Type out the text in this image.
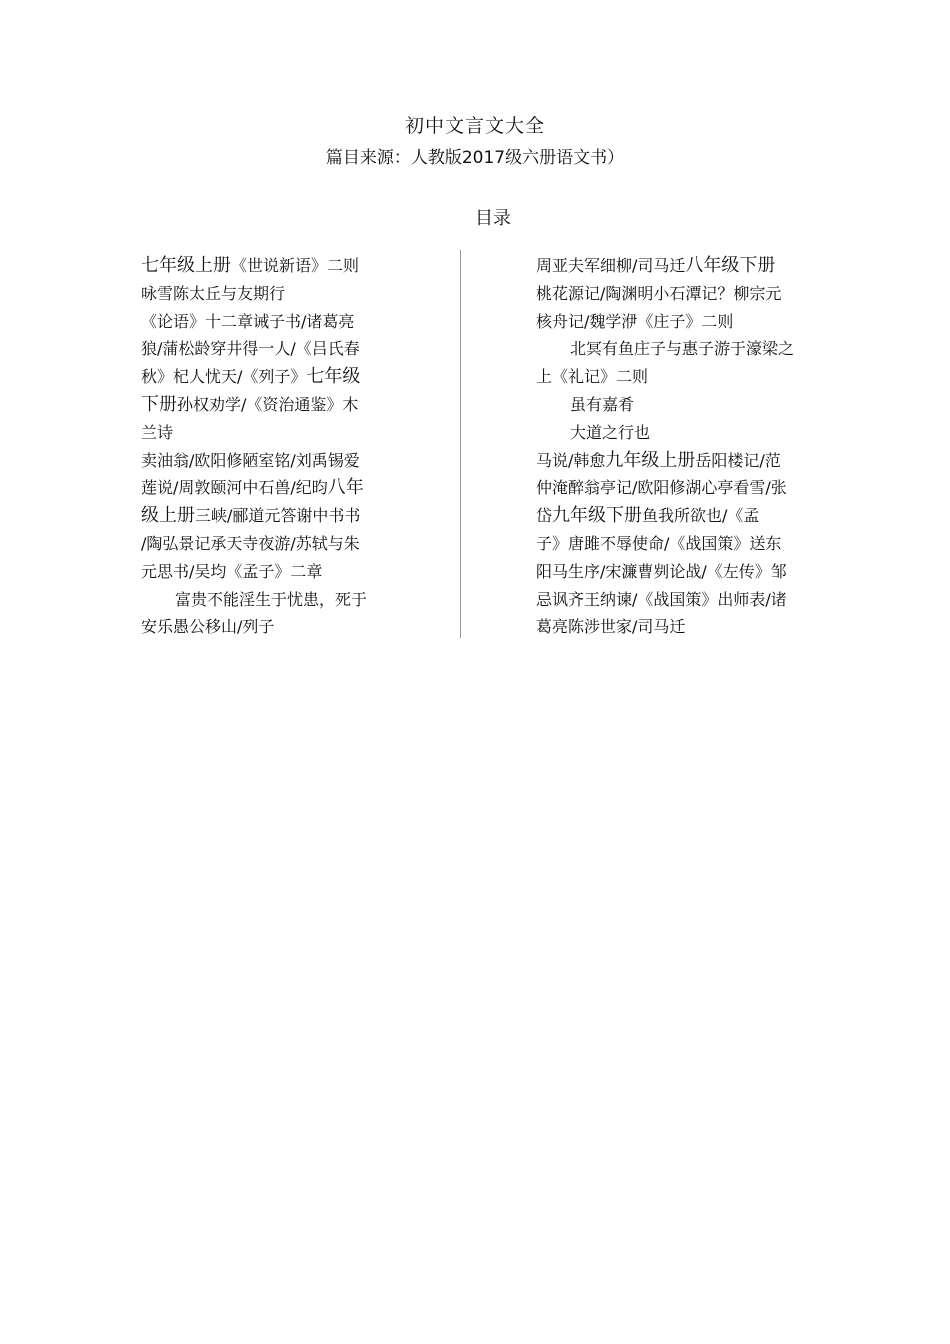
初中文言文大全
篇目来源：人教版2017级六册语文书）
目录
七年级上册《世说新语》二则
咏雪陈太丘与友期行
《论语》十二章诫子书/诸葛亮
狼/蒲松龄穿井得一人/《吕氏春
秋》杞人忧天/《列子》七年级
下册孙权劝学/《资治通鉴》木
兰诗
卖油翁/欧阳修陋室铭/刘禹锡爱
莲说/周敦颐河中石兽/纪昀八年
级上册三峡/郦道元答谢中书书
/陶弘景记承天寺夜游/苏轼与朱
元思书/吴均《孟子》二章
富贵不能淫生于忧患，死于
安乐愚公移山/列子
周亚夫军细柳/司马迁八年级下册
桃花源记/陶渊明小石潭记？柳宗元
核舟记/魏学洢《庄子》二则
北冥有鱼庄子与惠子游于濠梁之
上《礼记》二则
虽有嘉肴
大道之行也
马说/韩愈九年级上册岳阳楼记/范
仲淹醉翁亭记/欧阳修湖心亭看雪/张
岱九年级下册鱼我所欲也/《孟
子》唐雎不辱使命/《战国策》送东
阳马生序/宋濂曹刿论战/《左传》邹
忌讽齐王纳谏/《战国策》出师表/诸
葛亮陈涉世家/司马迁
